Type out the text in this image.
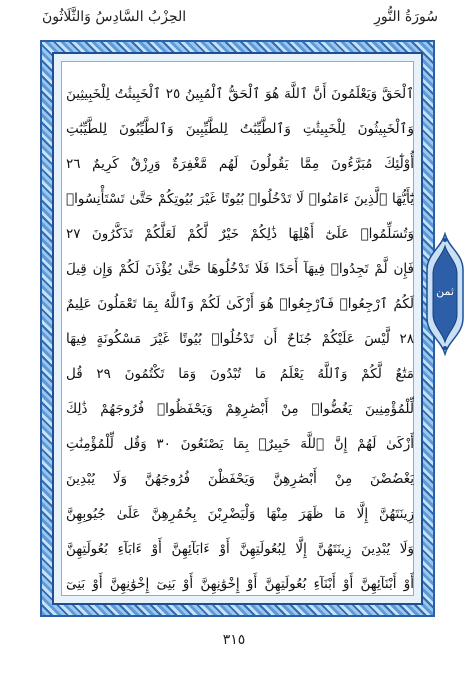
سُورَةُ النُّورِ
الحِزْبُ السَّادِسُ وَالثَّلَاثُونَ
ٱلْحَقَّ وَيَعْلَمُونَ أَنَّ ٱللَّهَ هُوَ ٱلْحَقُّ ٱلْمُبِينُ ٢٥ ٱلْخَبِيثَٰتُ لِلْخَبِيثِينَ
وَٱلْخَبِيثُونَ لِلْخَبِيثَٰتِ وَٱلطَّيِّبَٰتُ لِلطَّيِّبِينَ وَٱلطَّيِّبُونَ لِلطَّيِّبَٰتِ
أُوْلَٰٓئِكَ مُبَرَّءُونَ مِمَّا يَقُولُونَ لَهُم مَّغْفِرَةٌ وَرِزْقٌ كَرِيمٌ ٢٦
يَٰٓأَيُّهَا ٱلَّذِينَ ءَامَنُوا۟ لَا تَدْخُلُوا۟ بُيُوتًا غَيْرَ بُيُوتِكُمْ حَتَّىٰ تَسْتَأْنِسُوا۟
وَتُسَلِّمُوا۟ عَلَىٰٓ أَهْلِهَا ذَٰلِكُمْ خَيْرٌ لَّكُمْ لَعَلَّكُمْ تَذَكَّرُونَ ٢٧
فَإِن لَّمْ تَجِدُوا۟ فِيهَآ أَحَدًا فَلَا تَدْخُلُوهَا حَتَّىٰ يُؤْذَنَ لَكُمْ وَإِن قِيلَ
لَكُمُ ٱرْجِعُوا۟ فَٱرْجِعُوا۟ هُوَ أَزْكَىٰ لَكُمْ وَٱللَّهُ بِمَا تَعْمَلُونَ عَلِيمٌ
٢٨ لَّيْسَ عَلَيْكُمْ جُنَاحٌ أَن تَدْخُلُوا۟ بُيُوتًا غَيْرَ مَسْكُونَةٍ فِيهَا
مَتَٰعٌ لَّكُمْ وَٱللَّهُ يَعْلَمُ مَا تُبْدُونَ وَمَا تَكْتُمُونَ ٢٩ قُل
لِّلْمُؤْمِنِينَ يَغُضُّوا۟ مِنْ أَبْصَٰرِهِمْ وَيَحْفَظُوا۟ فُرُوجَهُمْ ذَٰلِكَ
أَزْكَىٰ لَهُمْ إِنَّ ٱللَّهَ خَبِيرٌۢ بِمَا يَصْنَعُونَ ٣٠ وَقُل لِّلْمُؤْمِنَٰتِ
يَغْضُضْنَ مِنْ أَبْصَٰرِهِنَّ وَيَحْفَظْنَ فُرُوجَهُنَّ وَلَا يُبْدِينَ
زِينَتَهُنَّ إِلَّا مَا ظَهَرَ مِنْهَا وَلْيَضْرِبْنَ بِخُمُرِهِنَّ عَلَىٰ جُيُوبِهِنَّ
وَلَا يُبْدِينَ زِينَتَهُنَّ إِلَّا لِبُعُولَتِهِنَّ أَوْ ءَابَآئِهِنَّ أَوْ ءَابَآءِ بُعُولَتِهِنَّ
أَوْ أَبْنَآئِهِنَّ أَوْ أَبْنَآءِ بُعُولَتِهِنَّ أَوْ إِخْوَٰنِهِنَّ أَوْ بَنِىٓ إِخْوَٰنِهِنَّ أَوْ بَنِىٓ
ثمن
٣١٥
